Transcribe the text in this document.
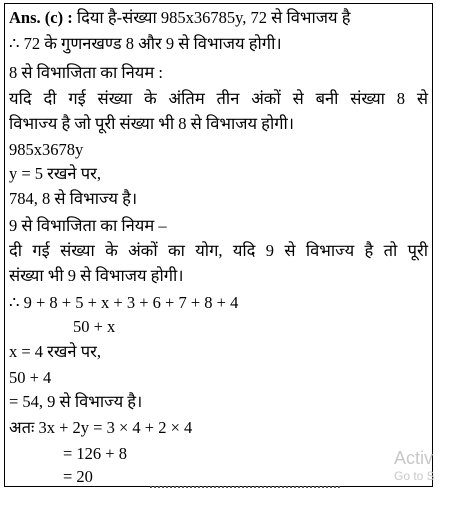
Ans. (c) : दिया है-संख्या 985x36785y, 72 से विभाजय है
∴ 72 के गुणनखण्ड 8 और 9 से विभाजय होगी।
8 से विभाजिता का नियम :
यदि दी गई संख्या के अंतिम तीन अंकों से बनी संख्या 8 से
विभाज्य है जो पूरी संख्या भी 8 से विभाजय होगी।
985x3678y
y = 5 रखने पर,
784, 8 से विभाज्य है।
9 से विभाजिता का नियम –
दी गई संख्या के अंकों का योग, यदि 9 से विभाज्य है तो पूरी
संख्या भी 9 से विभाजय होगी।
∴ 9 + 8 + 5 + x + 3 + 6 + 7 + 8 + 4
50 + x
x = 4 रखने पर,
50 + 4
= 54, 9 से विभाज्य है।
अतः 3x + 2y = 3 × 4 + 2 × 4
= 126 + 8
= 20
Activ
Go to S
